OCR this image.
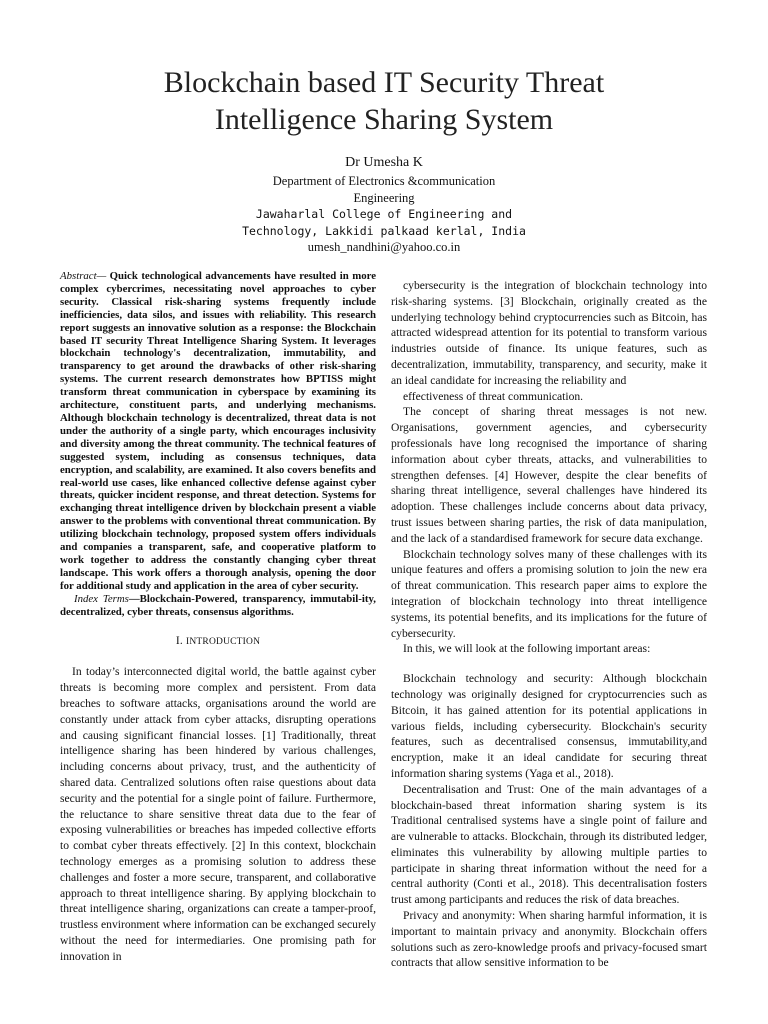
Blockchain based IT Security Threat
Intelligence Sharing System
Dr Umesha K
Department of Electronics &communication
Engineering
Jawaharlal College of Engineering and
Technology, Lakkidi palkaad kerlal, India
umesh_nandhini@yahoo.co.in

Abstract— Quick technological advancements have resulted in more complex cybercrimes, necessitating novel approaches to cyber security. Classical risk-sharing systems frequently include inefficiencies, data silos, and issues with reliability. This research report suggests an innovative solution as a response: the Blockchain based IT security Threat Intelligence Sharing System. It leverages blockchain technology's decentralization, immutability, and transparency to get around the drawbacks of other risk-sharing systems. The current research demonstrates how BPTISS might transform threat communication in cyberspace by examining its architecture, constituent parts, and underlying mechanisms. Although blockchain technology is decentralized, threat data is not under the authority of a single party, which encourages inclusivity and diversity among the threat community. The technical features of suggested system, including as consensus techniques, data encryption, and scalability, are examined. It also covers benefits and real-world use cases, like enhanced collective defense against cyber threats, quicker incident response, and threat detection. Systems for exchanging threat intelligence driven by blockchain present a viable answer to the problems with conventional threat communication. By utilizing blockchain technology, proposed system offers individuals and companies a transparent, safe, and cooperative platform to work together to address the constantly changing cyber threat landscape. This work offers a thorough analysis, opening the door for additional study and application in the area of cyber security.

Index Terms—Blockchain-Powered, transparency, immutabil-ity, decentralized, cyber threats, consensus algorithms.

I. INTRODUCTION

In today’s interconnected digital world, the battle against cyber threats is becoming more complex and persistent. From data breaches to software attacks, organisations around the world are constantly under attack from cyber attacks, disrupting operations and causing significant financial losses. [1] Traditionally, threat intelligence sharing has been hindered by various challenges, including concerns about privacy, trust, and the authenticity of shared data. Centralized solutions often raise questions about data security and the potential for a single point of failure. Furthermore, the reluctance to share sensitive threat data due to the fear of exposing vulnerabilities or breaches has impeded collective efforts to combat cyber threats effectively. [2] In this context, blockchain technology emerges as a promising solution to address these challenges and foster a more secure, transparent, and collaborative approach to threat intelligence sharing. By applying blockchain to threat intelligence sharing, organizations can create a tamper-proof, trustless environment where information can be exchanged securely without the need for intermediaries. One promising path for innovation in

cybersecurity is the integration of blockchain technology into risk-sharing systems. [3] Blockchain, originally created as the underlying technology behind cryptocurrencies such as Bitcoin, has attracted widespread attention for its potential to transform various industries outside of finance. Its unique features, such as decentralization, immutability, transparency, and security, make it an ideal candidate for increasing the reliability and

effectiveness of threat communication.

The concept of sharing threat messages is not new. Organisations, government agencies, and cybersecurity professionals have long recognised the importance of sharing information about cyber threats, attacks, and vulnerabilities to strengthen defenses. [4] However, despite the clear benefits of sharing threat intelligence, several challenges have hindered its adoption. These challenges include concerns about data privacy, trust issues between sharing parties, the risk of data manipulation, and the lack of a standardised framework for secure data exchange.

Blockchain technology solves many of these challenges with its unique features and offers a promising solution to join the new era of threat communication. This research paper aims to explore the integration of blockchain technology into threat intelligence systems, its potential benefits, and its implications for the future of cybersecurity.

In this, we will look at the following important areas:

Blockchain technology and security: Although blockchain technology was originally designed for cryptocurrencies such as Bitcoin, it has gained attention for its potential applications in various fields, including cybersecurity. Blockchain's security features, such as decentralised consensus, immutability,and encryption, make it an ideal candidate for securing threat information sharing systems (Yaga et al., 2018).

Decentralisation and Trust: One of the main advantages of a blockchain-based threat information sharing system is its Traditional centralised systems have a single point of failure and are vulnerable to attacks. Blockchain, through its distributed ledger, eliminates this vulnerability by allowing multiple parties to participate in sharing threat information without the need for a central authority (Conti et al., 2018). This decentralisation fosters trust among participants and reduces the risk of data breaches.

Privacy and anonymity: When sharing harmful information, it is important to maintain privacy and anonymity. Blockchain offers solutions such as zero-knowledge proofs and privacy-focused smart contracts that allow sensitive information to be
